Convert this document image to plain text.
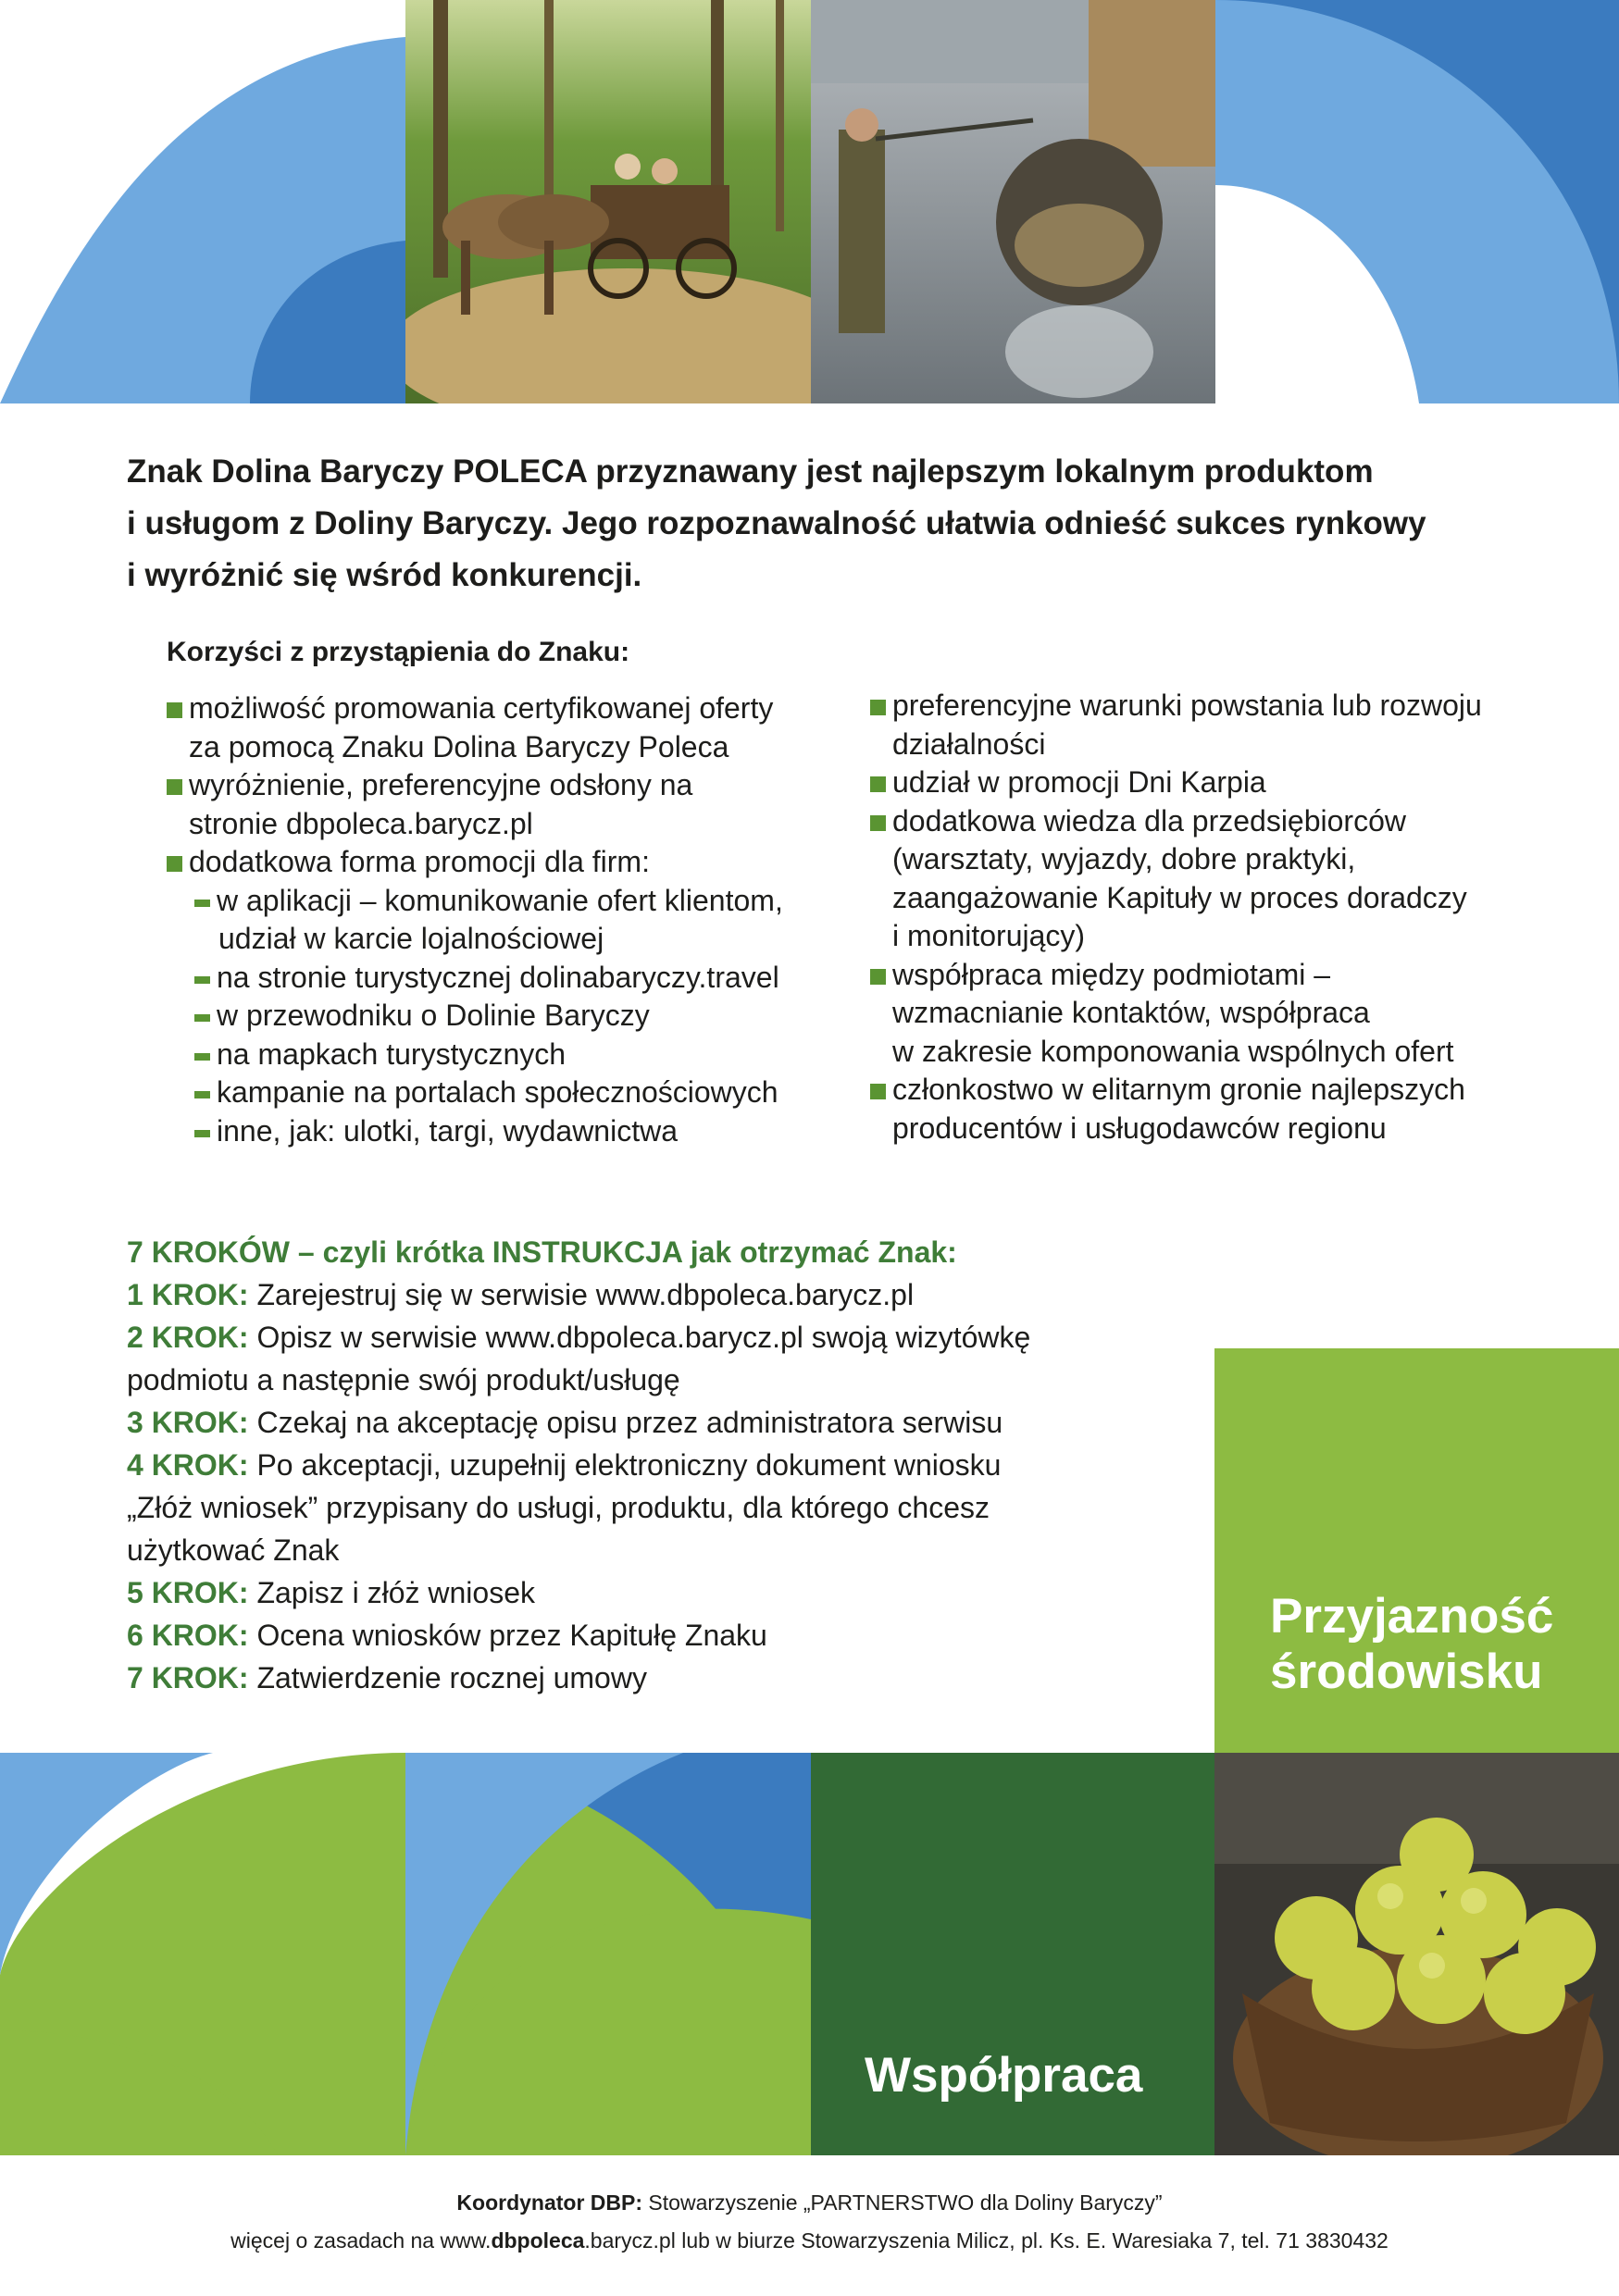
Znak Dolina Baryczy POLECA przyznawany jest najlepszym lokalnym produktom
i usługom z Doliny Baryczy. Jego rozpoznawalność ułatwia odnieść sukces rynkowy
i wyróżnić się wśród konkurencji.
Korzyści z przystąpienia do Znaku:

możliwość promowania certyfikowanej oferty

za pomocą Znaku Dolina Baryczy Poleca

wyróżnienie, preferencyjne odsłony na

stronie dbpoleca.barycz.pl

dodatkowa forma promocji dla firm:

w aplikacji – komunikowanie ofert klientom,

udział w karcie lojalnościowej

na stronie turystycznej dolinabaryczy.travel

w przewodniku o Dolinie Baryczy

na mapkach turystycznych

kampanie na portalach społecznościowych

inne, jak: ulotki, targi, wydawnictwa

preferencyjne warunki powstania lub rozwoju

działalności

udział w promocji Dni Karpia

dodatkowa wiedza dla przedsiębiorców

(warsztaty, wyjazdy, dobre praktyki,

zaangażowanie Kapituły w proces doradczy

i monitorujący)

współpraca między podmiotami –

wzmacnianie kontaktów, współpraca

w zakresie komponowania wspólnych ofert

członkostwo w elitarnym gronie najlepszych

producentów i usługodawców regionu

7 KROKÓW – czyli krótka INSTRUKCJA jak otrzymać Znak:

1 KROK: Zarejestruj się w serwisie www.dbpoleca.barycz.pl

2 KROK: Opisz w serwisie www.dbpoleca.barycz.pl swoją wizytówkę

podmiotu a następnie swój produkt/usługę

3 KROK: Czekaj na akceptację opisu przez administratora serwisu

4 KROK: Po akceptacji, uzupełnij elektroniczny dokument wniosku

„Złóż wniosek” przypisany do usługi, produktu, dla którego chcesz

użytkować Znak

5 KROK: Zapisz i złóż wniosek

6 KROK: Ocena wniosków przez Kapitułę Znaku

7 KROK: Zatwierdzenie rocznej umowy

Przyjazność
środowisku
Współpraca

Koordynator DBP: Stowarzyszenie „PARTNERSTWO dla Doliny Baryczy”

więcej o zasadach na www.dbpoleca.barycz.pl lub w biurze Stowarzyszenia Milicz, pl. Ks. E. Waresiaka 7, tel. 71 3830432
